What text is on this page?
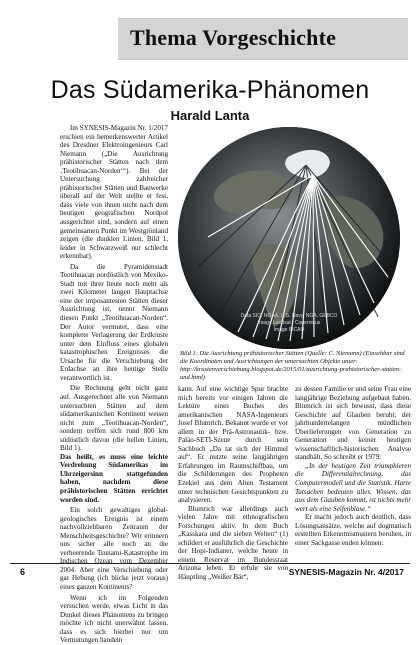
Thema Vorgeschichte
Das Südamerika-Phänomen
Harald Lanta

Im SYNESIS-Magazin Nr. 1/2017 erschien ein bemerkenswerter Artikel des Dresdner Elektroingenieurs Carl Niemann („Die Ausrichtung prähistorischer Stätten nach dem ‚Teotihuacan-Norden‘“). Bei der Untersuchung zahlreicher prähistorischer Stätten und Bauwerke überall auf der Welt stellte er fest, dass viele von ihnen nicht nach dem heutigen geografischen Nordpol ausgerichtet sind, sondern auf einen gemeinsamen Punkt im Westgrönland zeigen (die dunklen Linien, Bild 1, leider in Schwarzweiß nur schlecht erkennbar).

Da die Pyramidenstadt Teotihuacan nordöstlich von Mexiko-Stadt mit ihrer heute noch mehr als zwei Kilometer langen Hauptachse eine der imposantesten Stätten dieser Ausrichtung ist, nennt Niemann diesen Punkt „Teotihuacan-Norden“. Der Autor vermutet, dass eine komplette Verlagerung der Erdkruste unter dem Einfluss eines globalen katastrophischen Ereignisses die Ursache für die Verschiebung der Erdachse an ihre heutige Stelle verantwortlich ist.

Die Rechnung geht nicht ganz auf. Ausgerechnet alle von Niemann untersuchten Stätten auf dem südamerikanischen Kontinent weisen nicht zum „Teotihuacan-Norden“, sondern treffen sich rund 800 km südöstlich davon (die hellen Linien, Bild 1).

Das heißt, es muss eine leichte Verdrehung Südamerikas im Uhrzeigersinn stattgefunden haben, nachdem diese prähistorischen Stätten errichtet worden sind.

Ein solch gewaltiges global-geologisches Ereignis ist einem nachvollziehbaren Zeitraum der Menschheitsgeschichte? Wir erinnern uns sicher alle noch an die verheerende Tsunami-Katastrophe im Indischen Ozean vom Dezember 2004. Aber eine Verschiebung oder gar Hebung (ich blicke jetzt voraus) eines ganzen Kontinents?

Wenn ich im Folgenden versuchen werde, etwas Licht in das Dunkel dieses Phänomens zu bringen möchte ich nicht unerwähnt lassen, dass es sich hierbei nur um Vermutungen handeln

Data SIO, NOAA, U.S. Navy, NGA, GEBCO
Image Landsat / Copernicus
Image IBCAO
Bild 1: Die Ausrichtung prähistorischer Stätten (Quelle: C. Niemann) (Einsehbar sind die Koordinaten und Ausrichtungen der untersuchten Objekte unter: http://krustenverschiebung.blogspot.de/2015/01/ausrichtung-prahistorischer-statten-und.html)

kann. Auf eine wichtige Spur brachte mich bereits vor einigen Jahren die Lektüre eines Buches des amerikanischen NASA-Ingenieurs Josef Blumrich. Bekannt wurde er vor allem in der Prä-Astronautik- bzw. Paläo-SETI-Szene durch sein Sachbuch „Da tat sich der Himmel auf“. Er nutzte seine langjährigen Erfahrungen im Raumschiffbau, um die Schilderungen des Propheten Ezekiel aus dem Alten Testament unter technischen Gesichtspunkten zu analysieren.

Blumrich war allerdings auch vielen Jahre mit ethnografischen Forschungen aktiv. In dem Buch „Kasskara und die sieben Welten“ (1) schildert er ausführlich die Geschichte der Hopi-Indianer, welche heute in einem Reservat im Bundesstaat Arizona leben. Er erfuhr sie von Häuptling „Weißer Bär“,

zu dessen Familie er und seine Frau eine langjährige Beziehung aufgebaut haben. Blumrich ist sich bewusst, dass diese Geschichte auf Glauben beruht; der jahrhundertelangen mündlichen Überlieferungen von Generation zu Generation und keiner heutigen wissenschaftlich-historischen Analyse standhält. So schreibt er 1979:

„In der heutigen Zeit triumphieren die Differentialrechnung, das Computermodell und die Statistik. Harte Tatsachen bedeuten alles. Wissen, das aus dem Glauben kommt, ist nichts mehr wert als eine Seifenblase.“

Er macht jedoch auch deutlich, dass Lösungsansätze, welche auf dogmatisch erstellten Erkenntnismustern beruhen, in einer Sackgasse enden können:

6	SYNESIS-Magazin Nr. 4/2017
